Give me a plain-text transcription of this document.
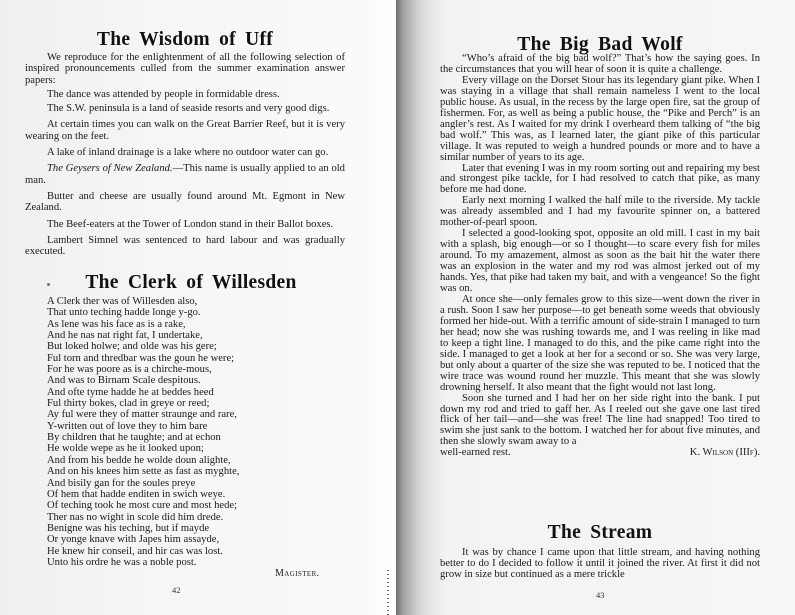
The Wisdom of Uff

We reproduce for the enlightenment of all the following selection of inspired pronouncements culled from the summer examination answer papers:

The dance was attended by people in formidable dress.

The S.W. peninsula is a land of seaside resorts and very good digs.

At certain times you can walk on the Great Barrier Reef, but it is very wearing on the feet.

A lake of inland drainage is a lake where no outdoor water can go.

The Geysers of New Zealand.—This name is usually applied to an old man.

Butter and cheese are usually found around Mt. Egmont in New Zealand.

The Beef-eaters at the Tower of London stand in their Ballot boxes.

Lambert Simnel was sentenced to hard labour and was gradually executed.

The Clerk of Willesden
A Clerk ther was of Willesden also,
That unto teching hadde longe y-go.
As lene was his face as is a rake,
And he nas nat right fat, I undertake,
But loked holwe; and olde was his gere;
Ful torn and thredbar was the goun he were;
For he was poore as is a chirche-mous,
And was to Birnam Scale despitous.
And ofte tyme hadde he at beddes heed
Ful thirty bokes, clad in greye or reed;
Ay ful were they of matter straunge and rare,
Y-written out of love they to him bare
By children that he taughte; and at echon
He wolde wepe as he it looked upon;
And from his bedde he wolde doun alighte,
And on his knees him sette as fast as myghte,
And bisily gan for the soules preye
Of hem that hadde enditen in swich weye.
Of teching took he most cure and most hede;
Ther nas no wight in scole did him drede.
Benigne was his teching, but if mayde
Or yonge knave with Japes him assayde,
He knew hir conseil, and hir cas was lost.
Unto his ordre he was a noble post.
Magister.
42
The Big Bad Wolf

“Who’s afraid of the big bad wolf?” That’s how the saying goes. In the circumstances that you will hear of soon it is quite a challenge.

Every village on the Dorset Stour has its legendary giant pike. When I was staying in a village that shall remain nameless I went to the local public house. As usual, in the recess by the large open fire, sat the group of fishermen. For, as well as being a public house, the “Pike and Perch” is an angler’s rest. As I waited for my drink I overheard them talking of “the big bad wolf.” This was, as I learned later, the giant pike of this particular village. It was reputed to weigh a hundred pounds or more and to have a similar number of years to its age.

Later that evening I was in my room sorting out and repairing my best and strongest pike tackle, for I had resolved to catch that pike, as many before me had done.

Early next morning I walked the half mile to the riverside. My tackle was already assembled and I had my favourite spinner on, a battered mother-of-pearl spoon.

I selected a good-looking spot, opposite an old mill. I cast in my bait with a splash, big enough—or so I thought—to scare every fish for miles around. To my amazement, almost as soon as the bait hit the water there was an explosion in the water and my rod was almost jerked out of my hands. Yes, that pike had taken my bait, and with a vengeance! So the fight was on.

At once she—only females grow to this size—went down the river in a rush. Soon I saw her purpose—to get beneath some weeds that obviously formed her hide-out. With a terrific amount of side-strain I managed to turn her head; now she was rushing towards me, and I was reeling in like mad to keep a tight line. I managed to do this, and the pike came right into the side. I managed to get a look at her for a second or so. She was very large, but only about a quarter of the size she was reputed to be. I noticed that the wire trace was wound round her muzzle. This meant that she was slowly drowning herself. It also meant that the fight would not last long.

Soon she turned and I had her on her side right into the bank. I put down my rod and tried to gaff her. As I reeled out she gave one last tired flick of her tail—and—she was free! The line had snapped! Too tired to swim she just sank to the bottom. I watched her for about five minutes, and then she slowly swam away to a

well-earned rest.	K. Wilson (IIIf).
The Stream

It was by chance I came upon that little stream, and having nothing better to do I decided to follow it until it joined the river. At first it did not grow in size but continued as a mere trickle

43
